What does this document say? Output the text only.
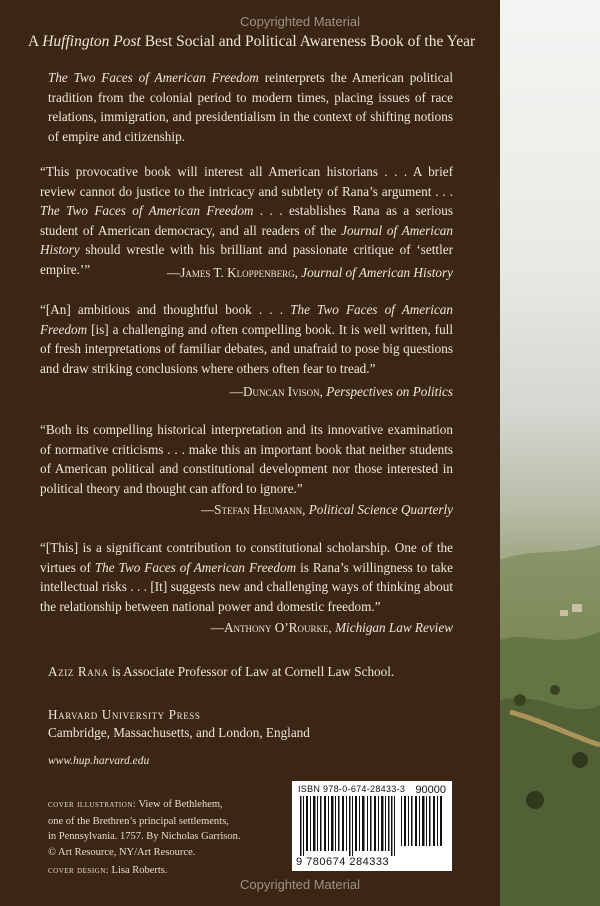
Copyrighted Material
A Huffington Post Best Social and Political Awareness Book of the Year
The Two Faces of American Freedom reinterprets the American political tradition from the colonial period to modern times, placing issues of race relations, immigration, and presidentialism in the context of shifting notions of empire and citizenship.
“This provocative book will interest all American historians . . . A brief review cannot do justice to the intricacy and subtlety of Rana’s argument . . . The Two Faces of American Freedom . . . establishes Rana as a serious student of American democracy, and all readers of the Journal of American History should wrestle with his brilliant and passionate critique of ‘settler empire.’”	—James T. Kloppenberg, Journal of American History
“[An] ambitious and thoughtful book . . . The Two Faces of American Freedom [is] a challenging and often compelling book. It is well written, full of fresh interpretations of familiar debates, and unafraid to pose big questions and draw striking conclusions where others often fear to tread.”
—Duncan Ivison, Perspectives on Politics
“Both its compelling historical interpretation and its innovative examination of normative criticisms . . . make this an important book that neither students of American political and constitutional development nor those interested in political theory and thought can afford to ignore.”
—Stefan Heumann, Political Science Quarterly
“[This] is a significant contribution to constitutional scholarship. One of the virtues of The Two Faces of American Freedom is Rana’s willingness to take intellectual risks . . . [It] suggests new and challenging ways of thinking about the relationship between national power and domestic freedom.”
—Anthony O’Rourke, Michigan Law Review
Aziz Rana is Associate Professor of Law at Cornell Law School.
Harvard University Press
Cambridge, Massachusetts, and London, England
www.hup.harvard.edu
ISBN 978-0-674-28433-3 90000
9 780674 284333
cover illustration: View of Bethlehem,
one of the Brethren’s principal settlements,
in Pennsylvania. 1757. By Nicholas Garrison.
© Art Resource, NY/Art Resource.
cover design: Lisa Roberts.
Copyrighted Material
